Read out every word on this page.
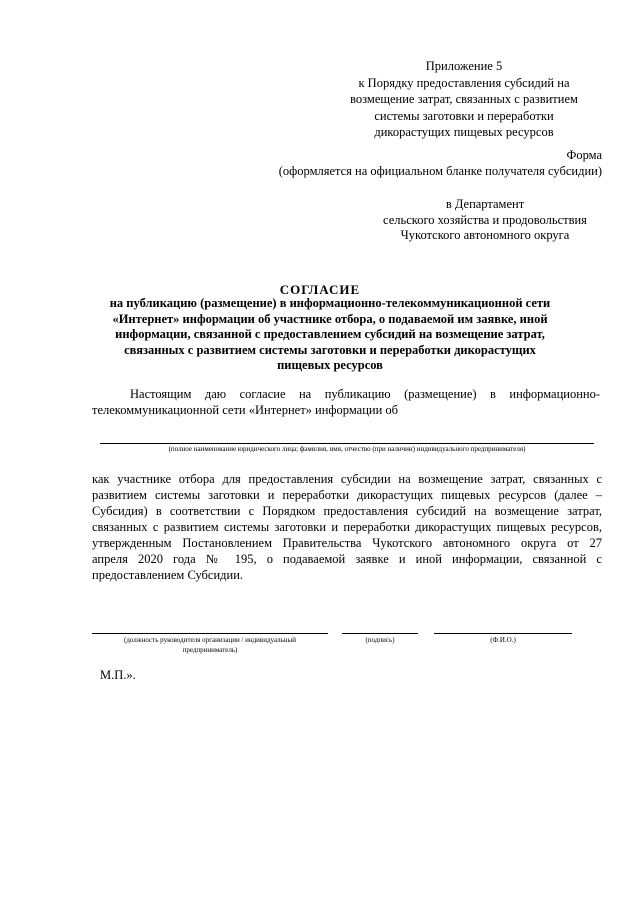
Приложение 5
к Порядку предоставления субсидий на
возмещение затрат, связанных с развитием
системы заготовки и переработки
дикорастущих пищевых ресурсов
Форма
(оформляется на официальном бланке получателя субсидии)
в Департамент
сельского хозяйства и продовольствия
Чукотского автономного округа
СОГЛАСИЕ
на публикацию (размещение) в информационно-телекоммуникационной сети
«Интернет» информации об участнике отбора, о подаваемой им заявке, иной
информации, связанной с предоставлением субсидий на возмещение затрат,
связанных с развитием системы заготовки и переработки дикорастущих
пищевых ресурсов
Настоящим даю согласие на публикацию (размещение) в информационно-
телекоммуникационной сети «Интернет» информации об
(полное наименование юридического лица; фамилия, имя, отчество (при наличии) индивидуального предпринимателя)
как участнике отбора для предоставления субсидии на возмещение затрат, связанных с
развитием системы заготовки и переработки дикорастущих пищевых ресурсов (далее –
Субсидия) в соответствии с Порядком предоставления субсидий на возмещение затрат,
связанных с развитием системы заготовки и переработки дикорастущих пищевых ресурсов,
утвержденным Постановлением Правительства Чукотского автономного округа от 27
апреля 2020 года № 195, о подаваемой заявке и иной информации, связанной с
предоставлением Субсидии.
(должность руководителя организации / индивидуальный
предприниматель)
(подпись)	(Ф.И.О.)
М.П.».
